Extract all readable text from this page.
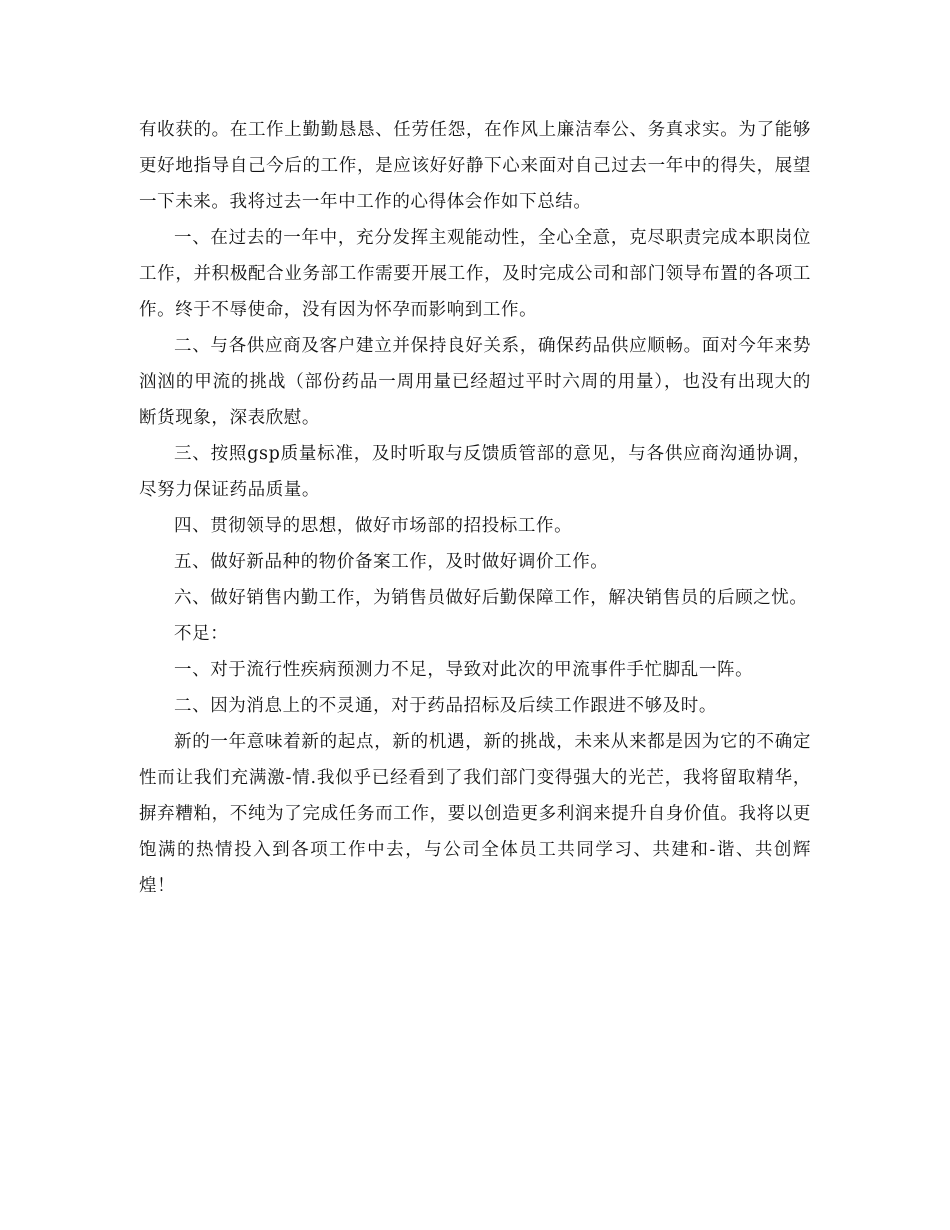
有收获的。在工作上勤勤恳恳、任劳任怨，在作风上廉洁奉公、务真求实。为了能够更好地指导自己今后的工作，是应该好好静下心来面对自己过去一年中的得失，展望一下未来。我将过去一年中工作的心得体会作如下总结。

一、在过去的一年中，充分发挥主观能动性，全心全意，克尽职责完成本职岗位工作，并积极配合业务部工作需要开展工作，及时完成公司和部门领导布置的各项工作。终于不辱使命，没有因为怀孕而影响到工作。

二、与各供应商及客户建立并保持良好关系，确保药品供应顺畅。面对今年来势汹汹的甲流的挑战（部份药品一周用量已经超过平时六周的用量），也没有出现大的断货现象，深表欣慰。

三、按照gsp质量标准，及时听取与反馈质管部的意见，与各供应商沟通协调，尽努力保证药品质量。

四、贯彻领导的思想，做好市场部的招投标工作。

五、做好新品种的物价备案工作，及时做好调价工作。

六、做好销售内勤工作，为销售员做好后勤保障工作，解决销售员的后顾之忧。

不足：

一、对于流行性疾病预测力不足，导致对此次的甲流事件手忙脚乱一阵。

二、因为消息上的不灵通，对于药品招标及后续工作跟进不够及时。

新的一年意味着新的起点，新的机遇，新的挑战，未来从来都是因为它的不确定性而让我们充满激-情.我似乎已经看到了我们部门变得强大的光芒，我将留取精华，摒弃糟粕，不纯为了完成任务而工作，要以创造更多利润来提升自身价值。我将以更饱满的热情投入到各项工作中去，与公司全体员工共同学习、共建和-谐、共创辉煌！
